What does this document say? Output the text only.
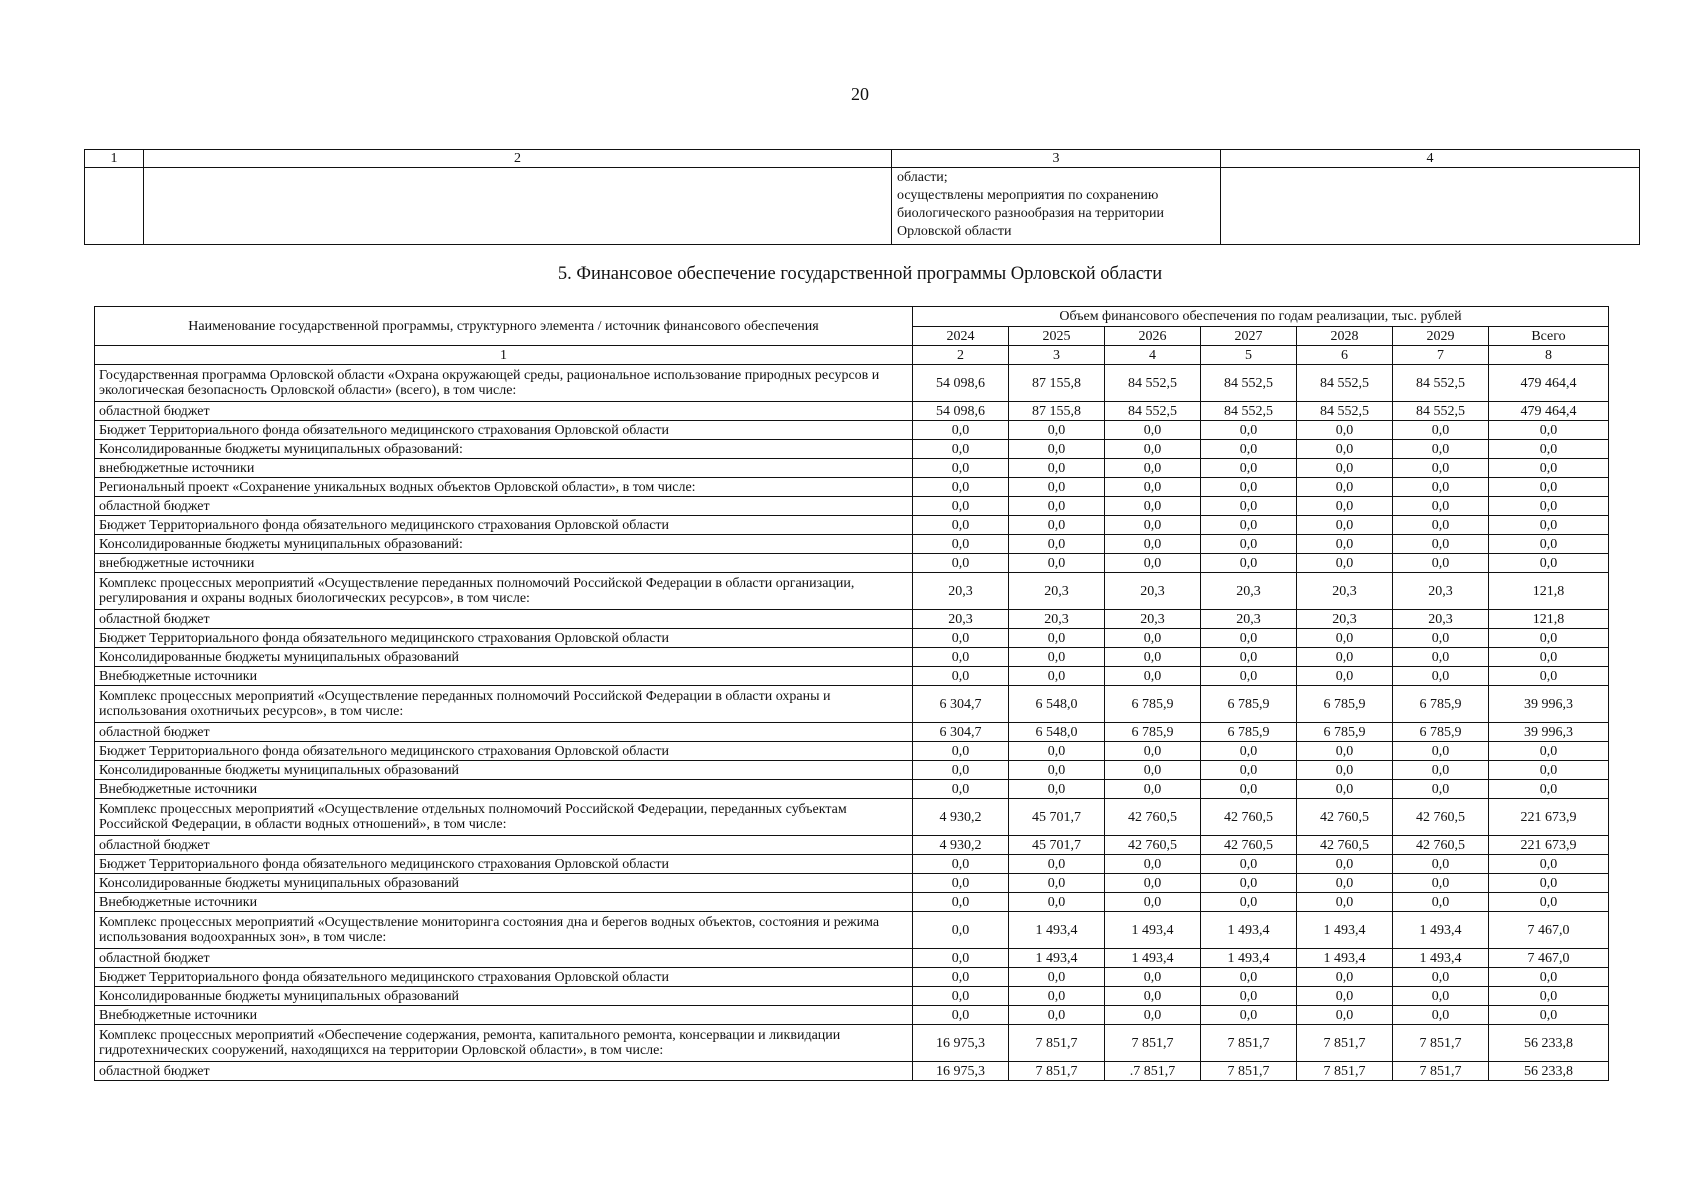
20
1	2	3	4

		области;
осуществлены мероприятия по сохранению
биологического разнообразия на территории
Орловской области	

5. Финансовое обеспечение государственной программы Орловской области
Наименование государственной программы, структурного элемента / источник финансового обеспечения	Объем финансового обеспечения по годам реализации, тыс. рублей						
	2024	2025	2026	2027	2028	2029	Всего
1	2	3	4	5	6	7	8
Государственная программа Орловской области «Охрана окружающей среды, рациональное использование природных ресурсов и экологическая безопасность Орловской области» (всего), в том числе:	54 098,6	87 155,8	84 552,5	84 552,5	84 552,5	84 552,5	479 464,4
областной бюджет	54 098,6	87 155,8	84 552,5	84 552,5	84 552,5	84 552,5	479 464,4
Бюджет Территориального фонда обязательного медицинского страхования Орловской области	0,0	0,0	0,0	0,0	0,0	0,0	0,0
Консолидированные бюджеты муниципальных образований:	0,0	0,0	0,0	0,0	0,0	0,0	0,0
внебюджетные источники	0,0	0,0	0,0	0,0	0,0	0,0	0,0
Региональный проект «Сохранение уникальных водных объектов Орловской области», в том числе:	0,0	0,0	0,0	0,0	0,0	0,0	0,0
областной бюджет	0,0	0,0	0,0	0,0	0,0	0,0	0,0
Бюджет Территориального фонда обязательного медицинского страхования Орловской области	0,0	0,0	0,0	0,0	0,0	0,0	0,0
Консолидированные бюджеты муниципальных образований:	0,0	0,0	0,0	0,0	0,0	0,0	0,0
внебюджетные источники	0,0	0,0	0,0	0,0	0,0	0,0	0,0
Комплекс процессных мероприятий «Осуществление переданных полномочий Российской Федерации в области организации, регулирования и охраны водных биологических ресурсов», в том числе:	20,3	20,3	20,3	20,3	20,3	20,3	121,8
областной бюджет	20,3	20,3	20,3	20,3	20,3	20,3	121,8
Бюджет Территориального фонда обязательного медицинского страхования Орловской области	0,0	0,0	0,0	0,0	0,0	0,0	0,0
Консолидированные бюджеты муниципальных образований	0,0	0,0	0,0	0,0	0,0	0,0	0,0
Внебюджетные источники	0,0	0,0	0,0	0,0	0,0	0,0	0,0
Комплекс процессных мероприятий «Осуществление переданных полномочий Российской Федерации в области охраны и использования охотничьих ресурсов», в том числе:	6 304,7	6 548,0	6 785,9	6 785,9	6 785,9	6 785,9	39 996,3
областной бюджет	6 304,7	6 548,0	6 785,9	6 785,9	6 785,9	6 785,9	39 996,3
Бюджет Территориального фонда обязательного медицинского страхования Орловской области	0,0	0,0	0,0	0,0	0,0	0,0	0,0
Консолидированные бюджеты муниципальных образований	0,0	0,0	0,0	0,0	0,0	0,0	0,0
Внебюджетные источники	0,0	0,0	0,0	0,0	0,0	0,0	0,0
Комплекс процессных мероприятий «Осуществление отдельных полномочий Российской Федерации, переданных субъектам Российской Федерации, в области водных отношений», в том числе:	4 930,2	45 701,7	42 760,5	42 760,5	42 760,5	42 760,5	221 673,9
областной бюджет	4 930,2	45 701,7	42 760,5	42 760,5	42 760,5	42 760,5	221 673,9
Бюджет Территориального фонда обязательного медицинского страхования Орловской области	0,0	0,0	0,0	0,0	0,0	0,0	0,0
Консолидированные бюджеты муниципальных образований	0,0	0,0	0,0	0,0	0,0	0,0	0,0
Внебюджетные источники	0,0	0,0	0,0	0,0	0,0	0,0	0,0
Комплекс процессных мероприятий «Осуществление мониторинга состояния дна и берегов водных объектов, состояния и режима использования водоохранных зон», в том числе:	0,0	1 493,4	1 493,4	1 493,4	1 493,4	1 493,4	7 467,0
областной бюджет	0,0	1 493,4	1 493,4	1 493,4	1 493,4	1 493,4	7 467,0
Бюджет Территориального фонда обязательного медицинского страхования Орловской области	0,0	0,0	0,0	0,0	0,0	0,0	0,0
Консолидированные бюджеты муниципальных образований	0,0	0,0	0,0	0,0	0,0	0,0	0,0
Внебюджетные источники	0,0	0,0	0,0	0,0	0,0	0,0	0,0
Комплекс процессных мероприятий «Обеспечение содержания, ремонта, капитального ремонта, консервации и ликвидации гидротехнических сооружений, находящихся на территории Орловской области», в том числе:	16 975,3	7 851,7	7 851,7	7 851,7	7 851,7	7 851,7	56 233,8
областной бюджет	16 975,3	7 851,7	.7 851,7	7 851,7	7 851,7	7 851,7	56 233,8
